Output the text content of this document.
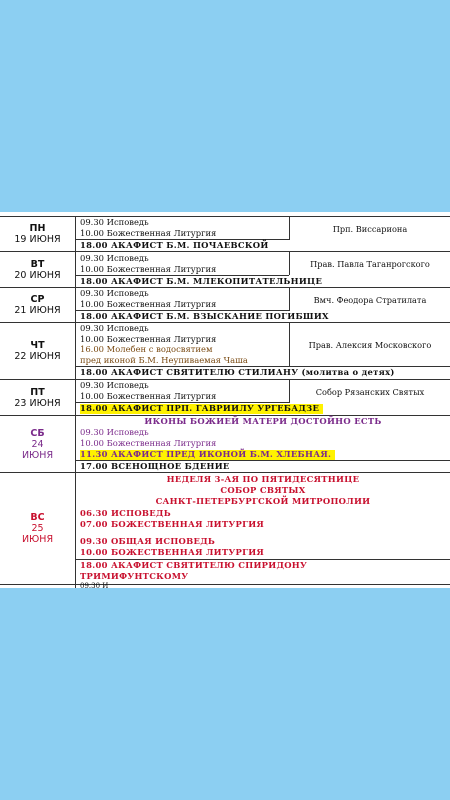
ПН
19 ИЮНЯ
09.30 Исповедь
10.00 Божественная Литургия
18.00 АКАФИСТ Б.М. ПОЧАЕВСКОЙ
Прп. Виссариона
ВТ
20 ИЮНЯ
09.30 Исповедь
10.00 Божественная Литургия
18.00 АКАФИСТ Б.М. МЛЕКОПИТАТЕЛЬНИЦЕ
Прав. Павла Таганрогского
СР
21 ИЮНЯ
09.30 Исповедь
10.00 Божественная Литургия
18.00 АКАФИСТ Б.М. ВЗЫСКАНИЕ ПОГИБШИХ
Вмч. Феодора Стратилата
ЧТ
22 ИЮНЯ
09.30 Исповедь
10.00 Божественная Литургия
16.00 Молебен с водосвятием
пред иконой Б.М. Неупиваемая Чаша
18.00 АКАФИСТ СВЯТИТЕЛЮ СТИЛИАНУ (молитва о детях)
Прав. Алексия Московского
ПТ
23 ИЮНЯ
09.30 Исповедь
10.00 Божественная Литургия
18.00 АКАФИСТ ПРП. ГАВРИИЛУ УРГЕБАДЗЕ
Собор Рязанских Святых
СБ
24
ИЮНЯ
ИКОНЫ БОЖИЕЙ МАТЕРИ ДОСТОЙНО ЕСТЬ
09.30 Исповедь
10.00 Божественная Литургия
11.30 АКАФИСТ ПРЕД ИКОНОЙ Б.М. ХЛЕБНАЯ.
17.00 ВСЕНОЩНОЕ БДЕНИЕ
ВС
25
ИЮНЯ
НЕДЕЛЯ 3-АЯ ПО ПЯТИДЕСЯТНИЦЕ
СОБОР СВЯТЫХ
САНКТ-ПЕТЕРБУРГСКОЙ МИТРОПОЛИИ
06.30 ИСПОВЕДЬ
07.00 БОЖЕСТВЕННАЯ ЛИТУРГИЯ
09.30 ОБЩАЯ ИСПОВЕДЬ
10.00 БОЖЕСТВЕННАЯ ЛИТУРГИЯ
18.00 АКАФИСТ СВЯТИТЕЛЮ СПИРИДОНУ
ТРИМИФУНТСКОМУ
09.30 И
